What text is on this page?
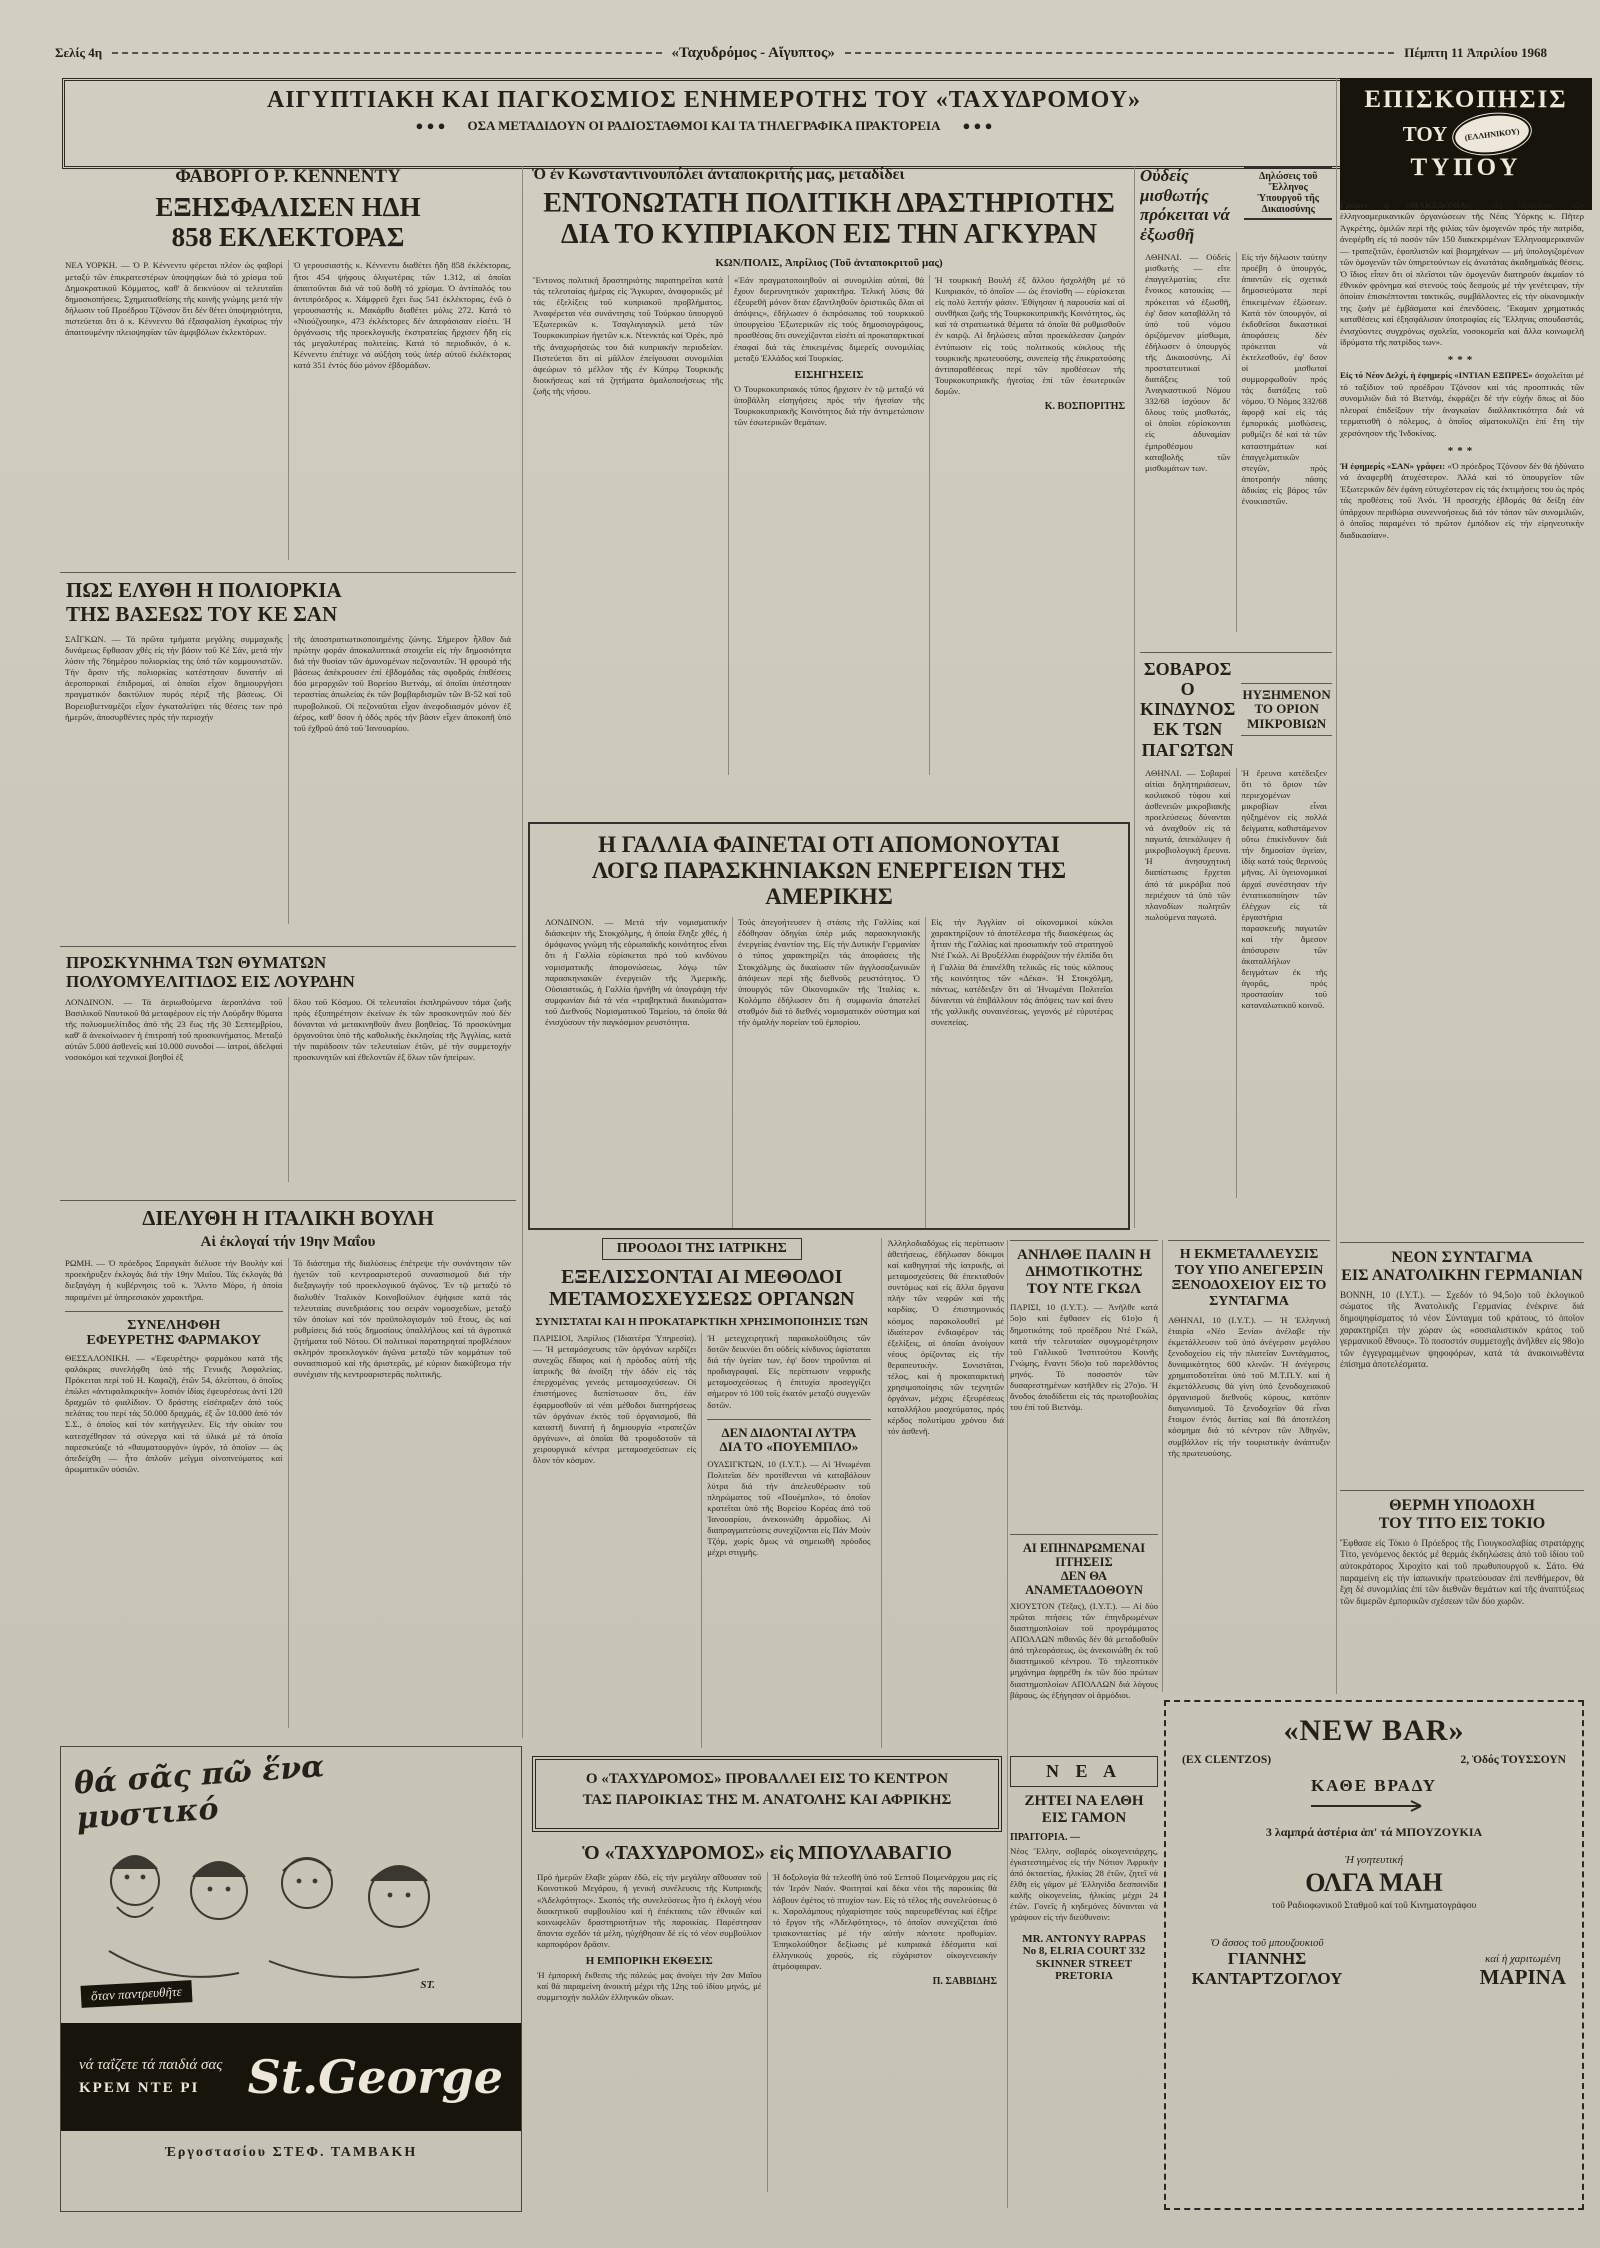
Σελίς 4η	«Ταχυδρόμος - Αἴγυπτος»	Πέμπτη 11 Ἀπριλίου 1968
ΑΙΓΥΠΤΙΑΚΗ ΚΑΙ ΠΑΓΚΟΣΜΙΟΣ ΕΝΗΜΕΡΟΤΗΣ ΤΟΥ «ΤΑΧΥΔΡΟΜΟΥ»
● ● ● ΟΣΑ ΜΕΤΑΔΙΔΟΥΝ ΟΙ ΡΑΔΙΟΣΤΑΘΜΟΙ ΚΑΙ ΤΑ ΤΗΛΕΓΡΑΦΙΚΑ ΠΡΑΚΤΟΡΕΙΑ ● ● ●
ΕΠΙΣΚΟΠΗΣΙΣ
ΤΟΥ	(ΕΛΛΗΝΙΚΟΥ)
ΤΥΠΟΥ
ΦΑΒΟΡΙ Ο Ρ. ΚΕΝΝΕΝΤΥ
ΕΞΗΣΦΑΛΙΣΕΝ ΗΔΗ
858 ΕΚΛΕΚΤΟΡΑΣ
ΝΕΑ ΥΟΡΚΗ. — Ὁ Ρ. Κέννεντυ φέρεται πλέον ὡς φαβορί μεταξύ τῶν ἐπικρατεστέρων ὑποψηφίων διά τό χρίσμα τοῦ Δημοκρατικοῦ Κόμματος, καθ' ἅ δεικνύουν αἱ τελευταῖαι δημοσκοπήσεις. Σχηματισθείσης τῆς κοινῆς γνώμης μετά τήν δήλωσιν τοῦ Προέδρου Τζόνσον ὅτι δέν θέτει ὑποψηφιότητα, πιστεύεται ὅτι ὁ κ. Κέννεντυ θά ἐξασφαλίση ἐγκαίρως τήν ἀπαιτουμένην πλειοψηφίαν τῶν ἀμφιβόλων ἐκλεκτόρων.
Ὁ γερουσιαστής κ. Κέννεντυ διαθέτει ἤδη 858 ἐκλέκτορας, ἤτοι 454 ψήφους ὀλιγωτέρας τῶν 1.312, αἱ ὁποῖαι ἀπαιτοῦνται διά νά τοῦ δοθῆ τό χρίσμα. Ὁ ἀντίπαλός του ἀντιπρόεδρος κ. Χάμφρεϋ ἔχει ἕως 541 ἐκλέκτορας, ἐνῶ ὁ γερουσιαστής κ. Μακάρθυ διαθέτει μόλις 272. Κατά τό «Νιούζγουηκ», 473 ἐκλέκτορες δέν ἀπεφάσισαν εἰσέτι. Ἡ ὀργάνωσις τῆς προεκλογικῆς ἐκστρατείας ἤρχισεν ἤδη εἰς τάς μεγαλυτέρας πολιτείας. Κατά τό περιοδικόν, ὁ κ. Κέννεντυ ἐπέτυχε νά αὐξήση τούς ὑπέρ αὐτοῦ ἐκλέκτορας κατά 351 ἐντός δύο μόνον ἑβδομάδων.
ΠΩΣ ΕΛΥΘΗ Η ΠΟΛΙΟΡΚΙΑ
ΤΗΣ ΒΑΣΕΩΣ ΤΟΥ ΚΕ ΣΑΝ
ΣΑΪΓΚΩΝ. — Τά πρῶτα τμήματα μεγάλης συμμαχικῆς δυνάμεως ἔφθασαν χθές εἰς τήν βάσιν τοῦ Κέ Σάν, μετά τήν λύσιν τῆς 76ημέρου πολιορκίας της ὑπό τῶν κομμουνιστῶν. Τήν ἄρσιν τῆς πολιορκίας κατέστησαν δυνατήν αἱ ἀεροπορικαί ἐπιδρομαί, αἱ ὁποῖαι εἶχον δημιουργήσει πραγματικόν δακτύλιον πυρός πέριξ τῆς βάσεως. Οἱ Βορειοβιετναμέζοι εἶχον ἐγκαταλείψει τάς θέσεις των πρό ἡμερῶν, ἀποσυρθέντες πρός τήν περιοχήν
τῆς ἀποστρατιωτικοποιημένης ζώνης. Σήμερον ἦλθον διά πρώτην φοράν ἀποκαλυπτικά στοιχεῖα εἰς τήν δημοσιότητα διά τήν θυσίαν τῶν ἀμυνομένων πεζοναυτῶν. Ἡ φρουρά τῆς βάσεως ἀπέκρουσεν ἐπί ἑβδομάδας τάς σφοδράς ἐπιθέσεις δύο μεραρχιῶν τοῦ Βορείου Βιετνάμ, αἱ ὁποῖαι ὑπέστησαν τεραστίας ἀπωλείας ἐκ τῶν βομβαρδισμῶν τῶν Β-52 καί τοῦ πυροβολικοῦ. Οἱ πεζοναῦται εἶχον ἀνεφοδιασμόν μόνον ἐξ ἀέρος, καθ' ὅσον ἡ ὁδός πρός τήν βάσιν εἶχεν ἀποκοπῆ ὑπό τοῦ ἐχθροῦ ἀπό τοῦ Ἰανουαρίου.
ΠΡΟΣΚΥΝΗΜΑ ΤΩΝ ΘΥΜΑΤΩΝ
ΠΟΛΥΟΜΥΕΛΙΤΙΔΟΣ ΕΙΣ ΛΟΥΡΔΗΝ
ΛΟΝΔΙΝΟΝ. — Τά ἀεριωθούμενα ἀεροπλάνα τοῦ Βασιλικοῦ Ναυτικοῦ θά μεταφέρουν εἰς τήν Λούρδην θύματα τῆς πολυομυελίτιδος ἀπό τῆς 23 ἕως τῆς 30 Σεπτεμβρίου, καθ' ἅ ἀνεκοίνωσεν ἡ ἐπιτροπή τοῦ προσκυνήματος. Μεταξύ αὐτῶν 5.000 ἀσθενεῖς καί 10.000 συνοδοί — ἰατροί, ἀδελφαί νοσοκόμοι καί τεχνικοί βοηθοί ἐξ
ὅλου τοῦ Κόσμου. Οἱ τελευταῖοι ἐκπληρώνουν τάμα ζωῆς πρός ἐξυπηρέτησιν ἐκείνων ἐκ τῶν προσκυνητῶν πού δέν δύνανται νά μετακινηθοῦν ἄνευ βοηθείας. Τό προσκύνημα ὀργανοῦται ὑπό τῆς καθολικῆς ἐκκλησίας τῆς Ἀγγλίας, κατά τήν παράδοσιν τῶν τελευταίων ἐτῶν, μέ τήν συμμετοχήν προσκυνητῶν καί ἐθελοντῶν ἐξ ὅλων τῶν ἠπείρων.
ΔΙΕΛΥΘΗ Η ΙΤΑΛΙΚΗ ΒΟΥΛΗ
Αἱ ἐκλογαί τήν 19ην Μαΐου
ΡΩΜΗ. — Ὁ πρόεδρος Σαραγκάτ διέλυσε τήν Βουλήν καί προεκήρυξεν ἐκλογάς διά τήν 19ην Μαΐου. Τάς ἐκλογάς θά διεξαγάγη ἡ κυβέρνησις τοῦ κ. Ἄλντο Μόρο, ἡ ὁποία παραμένει μέ ὑπηρεσιακόν χαρακτῆρα.
ΣΥΝΕΛΗΦΘΗ
ΕΦΕΥΡΕΤΗΣ ΦΑΡΜΑΚΟΥ
ΘΕΣΣΑΛΟΝΙΚΗ. — «Ἐφευρέτης» φαρμάκου κατά τῆς φαλάκρας συνελήφθη ὑπό τῆς Γενικῆς Ἀσφαλείας. Πρόκειται περί τοῦ Η. Καφαζῆ, ἐτῶν 54, ἀλείπτου, ὁ ὁποῖος ἐπώλει «ἀντιφαλακρικήν» λοσιόν ἰδίας ἐφευρέσεως ἀντί 120 δραχμῶν τό φιαλίδιον. Ὁ δράστης εἰσέπραξεν ἀπό τούς πελάτας του περί τάς 50.000 δραχμάς, ἐξ ὧν 10.000 ἀπό τόν Σ.Σ., ὁ ὁποῖος καί τόν κατήγγειλεν. Εἰς τήν οἰκίαν του κατεσχέθησαν τά σύνεργα καί τά ὑλικά μέ τά ὁποῖα παρεσκεύαζε τό «θαυματουργόν» ὑγρόν, τό ὁποῖον — ὡς ἀπεδείχθη — ἦτο ἁπλοῦν μεῖγμα οἰνοπνεύματος καί ἀρωματικῶν οὐσιῶν.
Τό διάστημα τῆς διαλύσεως ἐπέτρεψε τήν συνάντησιν τῶν ἡγετῶν τοῦ κεντροαριστεροῦ συνασπισμοῦ διά τήν διεξαγωγήν τοῦ προεκλογικοῦ ἀγῶνος. Ἐν τῷ μεταξύ τό διαλυθέν Ἰταλικόν Κοινοβούλιον ἐψήφισε κατά τάς τελευταίας συνεδριάσεις του σειράν νομοσχεδίων, μεταξύ τῶν ὁποίων καί τόν προϋπολογισμόν τοῦ ἔτους, ὡς καί ρυθμίσεις διά τούς δημοσίους ὑπαλλήλους καί τά ἀγροτικά ζητήματα τοῦ Νότου. Οἱ πολιτικοί παρατηρηταί προβλέπουν σκληρόν προεκλογικόν ἀγῶνα μεταξύ τῶν κομμάτων τοῦ συνασπισμοῦ καί τῆς ἀριστερᾶς, μέ κύριον διακύβευμα τήν συνέχισιν τῆς κεντροαριστερᾶς πολιτικῆς.
θά σᾶς πῶ ἕνα μυστικό
ST.
ὅταν παντρευθῆτε
νά ταΐζετε τά παιδιά σας
ΚΡΕΜ ΝΤΕ ΡΙ	St.George
Ἐργοστασίου ΣΤΕΦ. ΤΑΜΒΑΚΗ
Ὁ ἐν Κωνσταντινουπόλει ἀνταποκριτής μας, μεταδίδει
ΕΝΤΟΝΩΤΑΤΗ ΠΟΛΙΤΙΚΗ ΔΡΑΣΤΗΡΙΟΤΗΣ
ΔΙΑ ΤΟ ΚΥΠΡΙΑΚΟΝ ΕΙΣ ΤΗΝ ΑΓΚΥΡΑΝ
ΚΩΝ/ΠΟΛΙΣ, Ἀπρίλιος (Τοῦ ἀνταποκριτοῦ μας)
Ἔντονος πολιτική δραστηριότης παρατηρεῖται κατά τάς τελευταίας ἡμέρας εἰς Ἄγκυραν, ἀναφορικῶς μέ τάς ἐξελίξεις τοῦ κυπριακοῦ προβλήματος. Ἀναφέρεται νέα συνάντησις τοῦ Τούρκου ὑπουργοῦ Ἐξωτερικῶν κ. Τσαγλαγιαγκίλ μετά τῶν Τουρκοκυπρίων ἡγετῶν κ.κ. Ντενκτάς καί Ὀρέκ, πρό τῆς ἀναχωρήσεώς του διά κυπριακήν περιοδείαν. Πιστεύεται ὅτι αἱ μᾶλλον ἐπείγουσαι συνομιλίαι ἀφεώρων τό μέλλον τῆς ἐν Κύπρῳ Τουρκικῆς διοικήσεως καί τά ζητήματα ὁμαλοποιήσεως τῆς ζωῆς τῆς νήσου.
«Ἐάν πραγματοποιηθοῦν αἱ συνομιλίαι αὐταί, θά ἔχουν διερευνητικόν χαρακτῆρα. Τελική λύσις θά ἐξευρεθῆ μόνον ὅταν ἐξαντληθοῦν ὁριστικῶς ὅλαι αἱ ἀπόψεις», ἐδήλωσεν ὁ ἐκπρόσωπος τοῦ τουρκικοῦ ὑπουργείου Ἐξωτερικῶν εἰς τούς δημοσιογράφους, προσθέσας ὅτι συνεχίζονται εἰσέτι αἱ προκαταρκτικαί ἐπαφαί διά τάς ἐπικειμένας διμερεῖς συνομιλίας μεταξύ Ἑλλάδος καί Τουρκίας.
ΕΙΣΗΓΗΣΕΙΣ
Ὁ Τουρκοκυπριακός τύπος ἤρχισεν ἐν τῷ μεταξύ νά ὑποβάλλη εἰσηγήσεις πρός τήν ἡγεσίαν τῆς Τουρκοκυπριακῆς Κοινότητος διά τήν ἀντιμετώπισιν τῶν ἐσωτερικῶν θεμάτων.
Ἡ τουρκική Βουλή ἐξ ἄλλου ἠσχολήθη μέ τό Κυπριακόν, τό ὁποῖον — ὡς ἐτονίσθη — εὑρίσκεται εἰς πολύ λεπτήν φάσιν. Ἐθίγησαν ἡ παρουσία καί αἱ συνθῆκαι ζωῆς τῆς Τουρκοκυπριακῆς Κοινότητος, ὡς καί τά στρατιωτικά θέματα τά ὁποῖα θά ρυθμισθοῦν ἐν καιρῷ. Αἱ δηλώσεις αὗται προεκάλεσαν ζωηράν ἐντύπωσιν εἰς τούς πολιτικούς κύκλους τῆς τουρκικῆς πρωτευούσης, συνεπείᾳ τῆς ἐπικρατούσης ἀντιπαραθέσεως περί τῶν προθέσεων τῆς Τουρκοκυπριακῆς ἡγεσίας ἐπί τῶν ἐσωτερικῶν δομῶν.
Κ. ΒΟΣΠΟΡΙΤΗΣ
Η ΓΑΛΛΙΑ ΦΑΙΝΕΤΑΙ ΟΤΙ ΑΠΟΜΟΝΟΥΤΑΙ
ΛΟΓΩ ΠΑΡΑΣΚΗΝΙΑΚΩΝ ΕΝΕΡΓΕΙΩΝ ΤΗΣ ΑΜΕΡΙΚΗΣ
ΛΟΝΔΙΝΟΝ. — Μετά τήν νομισματικήν διάσκεψιν τῆς Στοκχόλμης, ἡ ὁποία ἔληξε χθές, ἡ ὁμόφωνος γνώμη τῆς εὐρωπαϊκῆς κοινότητος εἶναι ὅτι ἡ Γαλλία εὑρίσκεται πρό τοῦ κινδύνου νομισματικῆς ἀπομονώσεως, λόγῳ τῶν παρασκηνιακῶν ἐνεργειῶν τῆς Ἀμερικῆς. Οὐσιαστικῶς, ἡ Γαλλία ἠρνήθη νά ὑπογράψη τήν συμφωνίαν διά τά νέα «τραβηκτικά δικαιώματα» τοῦ Διεθνοῦς Νομισματικοῦ Ταμείου, τά ὁποῖα θά ἐνισχύσουν τήν παγκόσμιον ρευστότητα.
Τούς ἀπεγοήτευσεν ἡ στάσις τῆς Γαλλίας καί ἐδόθησαν ὁδηγίαι ὑπέρ μιᾶς παρασκηνιακῆς ἐνεργείας ἐναντίον της. Εἰς τήν Δυτικήν Γερμανίαν ὁ τύπος χαρακτηρίζει τάς ἀποφάσεις τῆς Στοκχόλμης ὡς δικαίωσιν τῶν ἀγγλοσαξωνικῶν ἀπόψεων περί τῆς διεθνοῦς ρευστότητος. Ὁ ὑπουργός τῶν Οἰκονομικῶν τῆς Ἰταλίας κ. Κολόμπο ἐδήλωσεν ὅτι ἡ συμφωνία ἀποτελεῖ σταθμόν διά τό διεθνές νομισματικόν σύστημα καί τήν ὁμαλήν πορείαν τοῦ ἐμπορίου.
Εἰς τήν Ἀγγλίαν οἱ οἰκονομικοί κύκλοι χαρακτηρίζουν τό ἀποτέλεσμα τῆς διασκέψεως ὡς ἧτταν τῆς Γαλλίας καί προσωπικήν τοῦ στρατηγοῦ Ντέ Γκώλ. Αἱ Βρυξέλλαι ἐκφράζουν τήν ἐλπίδα ὅτι ἡ Γαλλία θά ἐπανέλθη τελικῶς εἰς τούς κόλπους τῆς κοινότητος τῶν «Δέκα». Ἡ Στοκχόλμη, πάντως, κατέδειξεν ὅτι αἱ Ἡνωμέναι Πολιτεῖαι δύνανται νά ἐπιβάλλουν τάς ἀπόψεις των καί ἄνευ τῆς γαλλικῆς συναινέσεως, γεγονός μέ εὐρυτέρας συνεπείας.
ΠΡΟΟΔΟΙ ΤΗΣ ΙΑΤΡΙΚΗΣ
ΕΞΕΛΙΣΣΟΝΤΑΙ ΑΙ ΜΕΘΟΔΟΙ
ΜΕΤΑΜΟΣΧΕΥΣΕΩΣ ΟΡΓΑΝΩΝ
ΣΥΝΙΣΤΑΤΑΙ ΚΑΙ Η ΠΡΟΚΑΤΑΡΚΤΙΚΗ ΧΡΗΣΙΜΟΠΟΙΗΣΙΣ ΤΩΝ
ΠΑΡΙΣΙΟΙ, Ἀπρίλιος (Ἰδιαιτέρα Ὑπηρεσία). — Ἡ μεταμόσχευσις τῶν ὀργάνων κερδίζει συνεχῶς ἔδαφος καί ἡ πρόοδος αὐτή τῆς ἰατρικῆς θά ἀνοίξη τήν ὁδόν εἰς τάς ἐπερχομένας γενεάς μεταμοσχεύσεων. Οἱ ἐπιστήμονες διεπίστωσαν ὅτι, ἐάν ἐφαρμοσθοῦν αἱ νέαι μέθοδοι διατηρήσεως τῶν ὀργάνων ἐκτός τοῦ ὀργανισμοῦ, θά καταστῆ δυνατή ἡ δημιουργία «τραπεζῶν ὀργάνων», αἱ ὁποῖαι θά τροφοδοτοῦν τά χειρουργικά κέντρα μεταμοσχεύσεων εἰς ὅλον τόν κόσμον.
Ἡ μετεγχειρητική παρακολούθησις τῶν δοτῶν δεικνύει ὅτι οὐδείς κίνδυνος ὑφίσταται διά τήν ὑγείαν των, ἐφ' ὅσον τηροῦνται αἱ προδιαγραφαί. Εἰς περίπτωσιν νεφρικῆς μεταμοσχεύσεως ἡ ἐπιτυχία προσεγγίζει σήμερον τό 100 τοῖς ἑκατόν μεταξύ συγγενῶν δοτῶν.
ΔΕΝ ΔΙΔΟΝΤΑΙ ΛΥΤΡΑ
ΔΙΑ ΤΟ «ΠΟΥΕΜΠΛΟ»
ΟΥΑΣΙΓΚΤΩΝ, 10 (Ι.Υ.Τ.). — Αἱ Ἡνωμέναι Πολιτεῖαι δέν προτίθενται νά καταβάλουν λύτρα διά τήν ἀπελευθέρωσιν τοῦ πληρώματος τοῦ «Πουέμπλο», τό ὁποῖον κρατεῖται ὑπό τῆς Βορείου Κορέας ἀπό τοῦ Ἰανουαρίου, ἀνεκοινώθη ἁρμοδίως. Αἱ διαπραγματεύσεις συνεχίζονται εἰς Πάν Μούν Τζόμ, χωρίς ὅμως νά σημειωθῆ πρόοδος μέχρι στιγμῆς.
Ἀλληλοδιαδόχως εἰς περίπτωσιν ἀθετήσεως, ἐδήλωσαν δόκιμοι καί καθηγηταί τῆς ἰατρικῆς, αἱ μεταμοσχεύσεις θά ἐπεκταθοῦν συντόμως καί εἰς ἄλλα ὄργανα πλήν τῶν νεφρῶν καί τῆς καρδίας. Ὁ ἐπιστημονικός κόσμος παρακολουθεῖ μέ ἰδιαίτερον ἐνδιαφέρον τάς ἐξελίξεις, αἱ ὁποῖαι ἀνοίγουν νέους ὁρίζοντας εἰς τήν θεραπευτικήν. Συνιστᾶται, τέλος, καί ἡ προκαταρκτική χρησιμοποίησις τῶν τεχνητῶν ὀργάνων, μέχρις ἐξευρέσεως καταλλήλου μοσχεύματος, πρός κέρδος πολυτίμου χρόνου διά τόν ἀσθενῆ.
Ο «ΤΑΧΥΔΡΟΜΟΣ» ΠΡΟΒΑΛΛΕΙ ΕΙΣ ΤΟ ΚΕΝΤΡΟΝ
ΤΑΣ ΠΑΡΟΙΚΙΑΣ ΤΗΣ Μ. ΑΝΑΤΟΛΗΣ ΚΑΙ ΑΦΡΙΚΗΣ
Ὁ «ΤΑΧΥΔΡΟΜΟΣ» εἰς ΜΠΟΥΛΑΒΑΓΙΟ
Πρό ἡμερῶν ἔλαβε χώραν ἐδῶ, εἰς τήν μεγάλην αἴθουσαν τοῦ Κοινοτικοῦ Μεγάρου, ἡ γενική συνέλευσις τῆς Κυπριακῆς «Ἀδελφότητος». Σκοπός τῆς συνελεύσεως ἦτο ἡ ἐκλογή νέου διοικητικοῦ συμβουλίου καί ἡ ἐπέκτασις τῶν ἐθνικῶν καί κοινωφελῶν δραστηριοτήτων τῆς παροικίας. Παρέστησαν ἅπαντα σχεδόν τά μέλη, ηὐχήθησαν δέ εἰς τό νέον συμβούλιον καρποφόρον δρᾶσιν.
Η ΕΜΠΟΡΙΚΗ ΕΚΘΕΣΙΣ
Ἡ ἐμπορική ἔκθεσις τῆς πόλεώς μας ἀνοίγει τήν 2αν Μαΐου καί θά παραμείνη ἀνοικτή μέχρι τῆς 12ης τοῦ ἰδίου μηνός, μέ συμμετοχήν πολλῶν ἑλληνικῶν οἴκων.
Ἡ δοξολογία θά τελεσθῆ ὑπό τοῦ Σεπτοῦ Ποιμενάρχου μας εἰς τόν Ἱερόν Ναόν. Φοιτηταί καί δέκα νέοι τῆς παροικίας θά λάβουν ἐφέτος τό πτυχίον των. Εἰς τό τέλος τῆς συνελεύσεως ὁ κ. Χαραλάμπους ηὐχαρίστησε τούς παρευρεθέντας καί ἐξῆρε τό ἔργον τῆς «Ἀδελφότητος», τό ὁποῖον συνεχίζεται ἀπό τριακονταετίας μέ τήν αὐτήν πάντοτε προθυμίαν. Ἐπηκολούθησε δεξίωσις μέ κυπριακά ἐδέσματα καί ἑλληνικούς χορούς, εἰς εὐχάριστον οἰκογενειακήν ἀτμόσφαιραν.
Π. ΣΑΒΒΙΔΗΣ
ΑΝΗΛΘΕ ΠΑΛΙΝ Η ΔΗΜΟΤΙΚΟΤΗΣ ΤΟΥ ΝΤΕ ΓΚΩΛ
ΠΑΡΙΣΙ, 10 (Ι.Υ.Τ.). — Ἀνῆλθε κατά 5ο)ο καί ἔφθασεν εἰς 61ο)ο ἡ δημοτικότης τοῦ προέδρου Ντέ Γκώλ, κατά τήν τελευταίαν σφυγμομέτρησιν τοῦ Γαλλικοῦ Ἰνστιτούτου Κοινῆς Γνώμης, ἔναντι 56ο)ο τοῦ παρελθόντος μηνός. Τό ποσοστόν τῶν δυσαρεστημένων κατῆλθεν εἰς 27ο)ο. Ἡ ἄνοδος ἀποδίδεται εἰς τάς πρωτοβουλίας του ἐπί τοῦ Βιετνάμ.
ΑΙ ΕΠΗΝΔΡΩΜΕΝΑΙ ΠΤΗΣΕΙΣ
ΔΕΝ ΘΑ ΑΝΑΜΕΤΑΔΟΘΟΥΝ
ΧΙΟΥΣΤΟΝ (Τέξας), (Ι.Υ.Τ.). — Αἱ δύο πρῶται πτήσεις τῶν ἐπηνδρωμένων διαστημοπλοίων τοῦ προγράμματος ΑΠΟΛΛΩΝ πιθανῶς δέν θά μεταδοθοῦν ἀπό τηλεοράσεως, ὡς ἀνεκοινώθη ἐκ τοῦ διαστημικοῦ κέντρου. Τό τηλεοπτικόν μηχάνημα ἀφῃρέθη ἐκ τῶν δύο πρώτων διαστημοπλοίων ΑΠΟΛΛΩΝ διά λόγους βάρους, ὡς ἐξήγησαν οἱ ἁρμόδιοι.
Ν Ε Α
ΖΗΤΕΙ ΝΑ ΕΛΘΗ
ΕΙΣ ΓΑΜΟΝ
ΠΡΑΙΤΟΡΙΑ. —
Νέος Ἕλλην, σοβαρός οἰκογενειάρχης, ἐγκατεστημένος εἰς τήν Νότιον Ἀφρικήν ἀπό ὀκταετίας, ἡλικίας 28 ἐτῶν, ζητεῖ νά ἔλθη εἰς γάμον μέ Ἑλληνίδα δεσποινίδα καλῆς οἰκογενείας, ἡλικίας μέχρι 24 ἐτῶν. Γονεῖς ἤ κηδεμόνες δύνανται νά γράψουν εἰς τήν διεύθυνσιν:
MR. ANTONYY RAPPAS
No 8, ELRIA COURT 332
SKINNER STREET
PRETORIA
Οὐδείς μισθωτής πρόκειται νά ἐξωσθῆ
Δηλώσεις τοῦ Ἕλληνος Ὑπουργοῦ τῆς Δικαιοσύνης
ΑΘΗΝΑΙ. — Οὐδείς μισθωτής — εἴτε ἐπαγγελματίας εἴτε ἔνοικος κατοικίας — πρόκειται νά ἐξωσθῆ, ἐφ' ὅσον καταβάλλη τό ὑπό τοῦ νόμου ὁριζόμενον μίσθωμα, ἐδήλωσεν ὁ ὑπουργός τῆς Δικαιοσύνης. Αἱ προστατευτικαί διατάξεις τοῦ Ἀναγκαστικοῦ Νόμου 332/68 ἰσχύουν δι' ὅλους τούς μισθωτάς, οἱ ὁποῖοι εὑρίσκονται εἰς ἀδυναμίαν ἐμπροθέσμου καταβολῆς τῶν μισθωμάτων των.
Εἰς τήν δήλωσιν ταύτην προέβη ὁ ὑπουργός, ἀπαντῶν εἰς σχετικά δημοσιεύματα περί ἐπικειμένων ἐξώσεων. Κατά τόν ὑπουργόν, αἱ ἐκδοθεῖσαι δικαστικαί ἀποφάσεις δέν πρόκειται νά ἐκτελεσθοῦν, ἐφ' ὅσον οἱ μισθωταί συμμορφωθοῦν πρός τάς διατάξεις τοῦ νόμου. Ὁ Νόμος 332/68 ἀφορᾷ καί εἰς τάς ἐμπορικάς μισθώσεις, ρυθμίζει δέ καί τά τῶν καταστημάτων καί ἐπαγγελματικῶν στεγῶν, πρός ἀποτροπήν πάσης ἀδικίας εἰς βάρος τῶν ἐνοικιαστῶν.
ΣΟΒΑΡΟΣ Ο ΚΙΝΔΥΝΟΣ ΕΚ ΤΩΝ ΠΑΓΩΤΩΝ
ΗΥΞΗΜΕΝΟΝ ΤΟ ΟΡΙΟΝ ΜΙΚΡΟΒΙΩΝ
ΑΘΗΝΑΙ. — Σοβαραί αἰτίαι δηλητηριάσεων, κοιλιακοῦ τύφου καί ἀσθενειῶν μικροβιακῆς προελεύσεως δύνανται νά ἀναχθοῦν εἰς τά παγωτά, ἀπεκάλυψεν ἡ μικροβιολογική ἔρευνα. Ἡ ἀνησυχητική διαπίστωσις ἔρχεται ἀπό τά μικρόβια πού περιέχουν τά ὑπό τῶν πλανοδίων πωλητῶν πωλούμενα παγωτά.
Ἡ ἔρευνα κατέδειξεν ὅτι τό ὅριον τῶν περιεχομένων μικροβίων εἶναι ηὐξημένον εἰς πολλά δείγματα, καθιστάμενον οὕτω ἐπικίνδυνον διά τήν δημοσίαν ὑγείαν, ἰδίᾳ κατά τούς θερινούς μῆνας. Αἱ ὑγειονομικαί ἀρχαί συνέστησαν τήν ἐντατικοποίησιν τῶν ἐλέγχων εἰς τά ἐργαστήρια παρασκευῆς παγωτῶν καί τήν ἄμεσον ἀπόσυρσιν τῶν ἀκαταλλήλων δειγμάτων ἐκ τῆς ἀγορᾶς, πρός προστασίαν τοῦ καταναλωτικοῦ κοινοῦ.
Η ΕΚΜΕΤΑΛΛΕΥΣΙΣ ΤΟΥ ΥΠΟ ΑΝΕΓΕΡΣΙΝ ΞΕΝΟΔΟΧΕΙΟΥ ΕΙΣ ΤΟ ΣΥΝΤΑΓΜΑ
ΑΘΗΝΑΙ, 10 (Ι.Υ.Τ.). — Ἡ Ἑλληνική ἑταιρία «Νέο Ξενία» ἀνέλαβε τήν ἐκμετάλλευσιν τοῦ ὑπό ἀνέγερσιν μεγάλου ξενοδοχείου εἰς τήν πλατεῖαν Συντάγματος, δυναμικότητος 600 κλινῶν. Ἡ ἀνέγερσις χρηματοδοτεῖται ὑπό τοῦ Μ.Τ.Π.Υ. καί ἡ ἐκμετάλλευσις θά γίνη ὑπό ξενοδοχειακοῦ ὀργανισμοῦ διεθνοῦς κύρους, κατόπιν διαγωνισμοῦ. Τό ξενοδοχεῖον θά εἶναι ἕτοιμον ἐντός διετίας καί θά ἀποτελέση κόσμημα διά τό κέντρον τῶν Ἀθηνῶν, συμβάλλον εἰς τήν τουριστικήν ἀνάπτυξιν τῆς πρωτευούσης.
Γράφει ἡ «ΜΑΚΕΔΟΝΙΑ»: «Ὁ Πρόεδρος τῶν ἑλληνοαμερικανικῶν ὀργανώσεων τῆς Νέας Ὑόρκης κ. Πῆτερ Ἀγκρέτης, ὁμιλῶν περί τῆς φιλίας τῶν ὁμογενῶν πρός τήν πατρίδα, ἀνεφέρθη εἰς τό ποσόν τῶν 150 διακεκριμένων Ἑλληνοαμερικανῶν — τραπεζιτῶν, ἐφοπλιστῶν καί βιομηχάνων — μή ὑπολογιζομένων τῶν ὁμογενῶν τῶν ὑπηρετούντων εἰς ἀνωτάτας ἀκαδημαϊκάς θέσεις. Ὁ ἴδιος εἶπεν ὅτι οἱ πλεῖστοι τῶν ὁμογενῶν διατηροῦν ἀκμαῖον τό ἐθνικόν φρόνημα καί στενούς τούς δεσμούς μέ τήν γενέτειραν, τήν ὁποίαν ἐπισκέπτονται τακτικῶς, συμβάλλοντες εἰς τήν οἰκονομικήν της ζωήν μέ ἐμβάσματα καί ἐπενδύσεις. Ἔκαμαν χρηματικάς καταθέσεις καί ἐξησφάλισαν ὑποτροφίας εἰς Ἕλληνας σπουδαστάς, ἐνισχύοντες συγχρόνως σχολεῖα, νοσοκομεῖα καί ἄλλα κοινωφελῆ ἱδρύματα τῆς πατρίδος των».
***
Εἰς τό Νέον Δελχί, ἡ ἐφημερίς «ΙΝΤΙΑΝ ΕΞΠΡΕΣ» ἀσχολεῖται μέ τό ταξίδιον τοῦ προέδρου Τζόνσον καί τάς προοπτικάς τῶν συνομιλιῶν διά τό Βιετνάμ, ἐκφράζει δέ τήν εὐχήν ὅπως αἱ δύο πλευραί ἐπιδείξουν τήν ἀναγκαίαν διαλλακτικότητα διά νά τερματισθῆ ὁ πόλεμος, ὁ ὁποῖος αἱματοκυλίζει ἐπί ἔτη τήν χερσόνησον τῆς Ἰνδοκίνας.
***
Ἡ ἐφημερίς «ΣΑΝ» γράφει: «Ὁ πρόεδρος Τζόνσον δέν θά ἠδύνατο νά ἀναφερθῆ ἀτυχέστερον. Ἀλλά καί τό ὑπουργεῖον τῶν Ἐξωτερικῶν δέν ἐφάνη εὐτυχέστερον εἰς τάς ἐκτιμήσεις του ὡς πρός τάς προθέσεις τοῦ Ἀνόι. Ἡ προσεχής ἑβδομάς θά δείξη ἐάν ὑπάρχουν περιθώρια συνεννοήσεως διά τόν τόπον τῶν συνομιλιῶν, ὁ ὁποῖος παραμένει τό πρῶτον ἐμπόδιον εἰς τήν εἰρηνευτικήν διαδικασίαν».
ΝΕΟΝ ΣΥΝΤΑΓΜΑ
ΕΙΣ ΑΝΑΤΟΛΙΚΗΝ ΓΕΡΜΑΝΙΑΝ
ΒΟΝΝΗ, 10 (Ι.Υ.Τ.). — Σχεδόν τό 94,5ο)ο τοῦ ἐκλογικοῦ σώματος τῆς Ἀνατολικῆς Γερμανίας ἐνέκρινε διά δημοψηφίσματος τό νέον Σύνταγμα τοῦ κράτους, τό ὁποῖον χαρακτηρίζει τήν χώραν ὡς «σοσιαλιστικόν κράτος τοῦ γερμανικοῦ ἔθνους». Τό ποσοστόν συμμετοχῆς ἀνῆλθεν εἰς 98ο)ο τῶν ἐγγεγραμμένων ψηφοφόρων, κατά τά ἀνακοινωθέντα ἐπίσημα ἀποτελέσματα.
ΘΕΡΜΗ ΥΠΟΔΟΧΗ
ΤΟΥ ΤΙΤΟ ΕΙΣ ΤΟΚΙΟ
Ἔφθασε εἰς Τόκιο ὁ Πρόεδρος τῆς Γιουγκοσλαβίας στρατάρχης Τίτο, γενόμενος δεκτός μέ θερμάς ἐκδηλώσεις ἀπό τοῦ ἰδίου τοῦ αὐτοκράτορος Χιροχίτο καί τοῦ πρωθυπουργοῦ κ. Σάτο. Θά παραμείνη εἰς τήν ἰαπωνικήν πρωτεύουσαν ἐπί πενθήμερον, θά ἔχη δέ συνομιλίας ἐπί τῶν διεθνῶν θεμάτων καί τῆς ἀναπτύξεως τῶν διμερῶν ἐμπορικῶν σχέσεων τῶν δύο χωρῶν.
«NEW BAR»
(EX CLENTZOS)	2, Ὁδός ΤΟΥΣΣΟΥΝ
ΚΑΘΕ ΒΡΑΔΥ
3 λαμπρά ἀστέρια ἀπ' τά ΜΠΟΥΖΟΥΚΙΑ
Ἡ γοητευτική
ΟΛΓΑ ΜΑΗ
τοῦ Ραδιοφωνικοῦ Σταθμοῦ καί τοῦ Κινηματογράφου
Ὁ ἄσσος τοῦ μπουζουκιοῦ
ΓΙΑΝΝΗΣ ΚΑΝΤΑΡΤΖΟΓΛΟΥ
καί ἡ χαριτωμένη
ΜΑΡΙΝΑ
